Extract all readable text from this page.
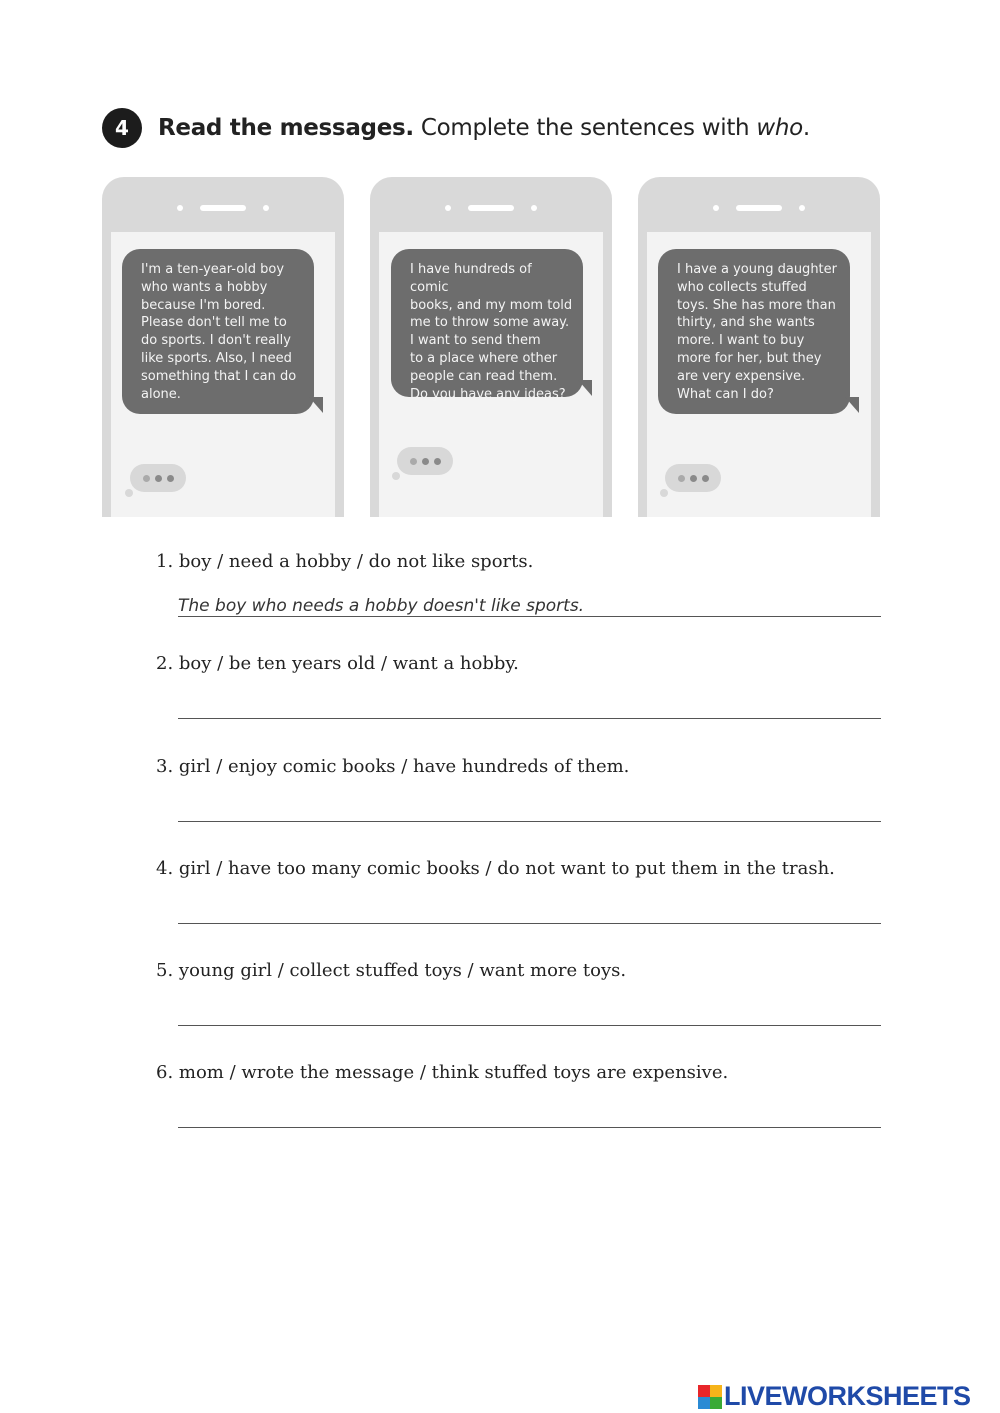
4	Read the messages. Complete the sentences with who.
I'm a ten-year-old boy
who wants a hobby
because I'm bored.
Please don't tell me to
do sports. I don't really
like sports. Also, I need
something that I can do
alone.
I have hundreds of comic
books, and my mom told
me to throw some away.
I want to send them
to a place where other
people can read them.
Do you have any ideas?
I have a young daughter
who collects stuffed
toys. She has more than
thirty, and she wants
more. I want to buy
more for her, but they
are very expensive.
What can I do?
1. boy / need a hobby / do not like sports.
The boy who needs a hobby doesn't like sports.
2. boy / be ten years old / want a hobby.
3. girl / enjoy comic books / have hundreds of them.
4. girl / have too many comic books / do not want to put them in the trash.
5. young girl / collect stuffed toys / want more toys.
6. mom / wrote the message / think stuffed toys are expensive.
LIVEWORKSHEETS
